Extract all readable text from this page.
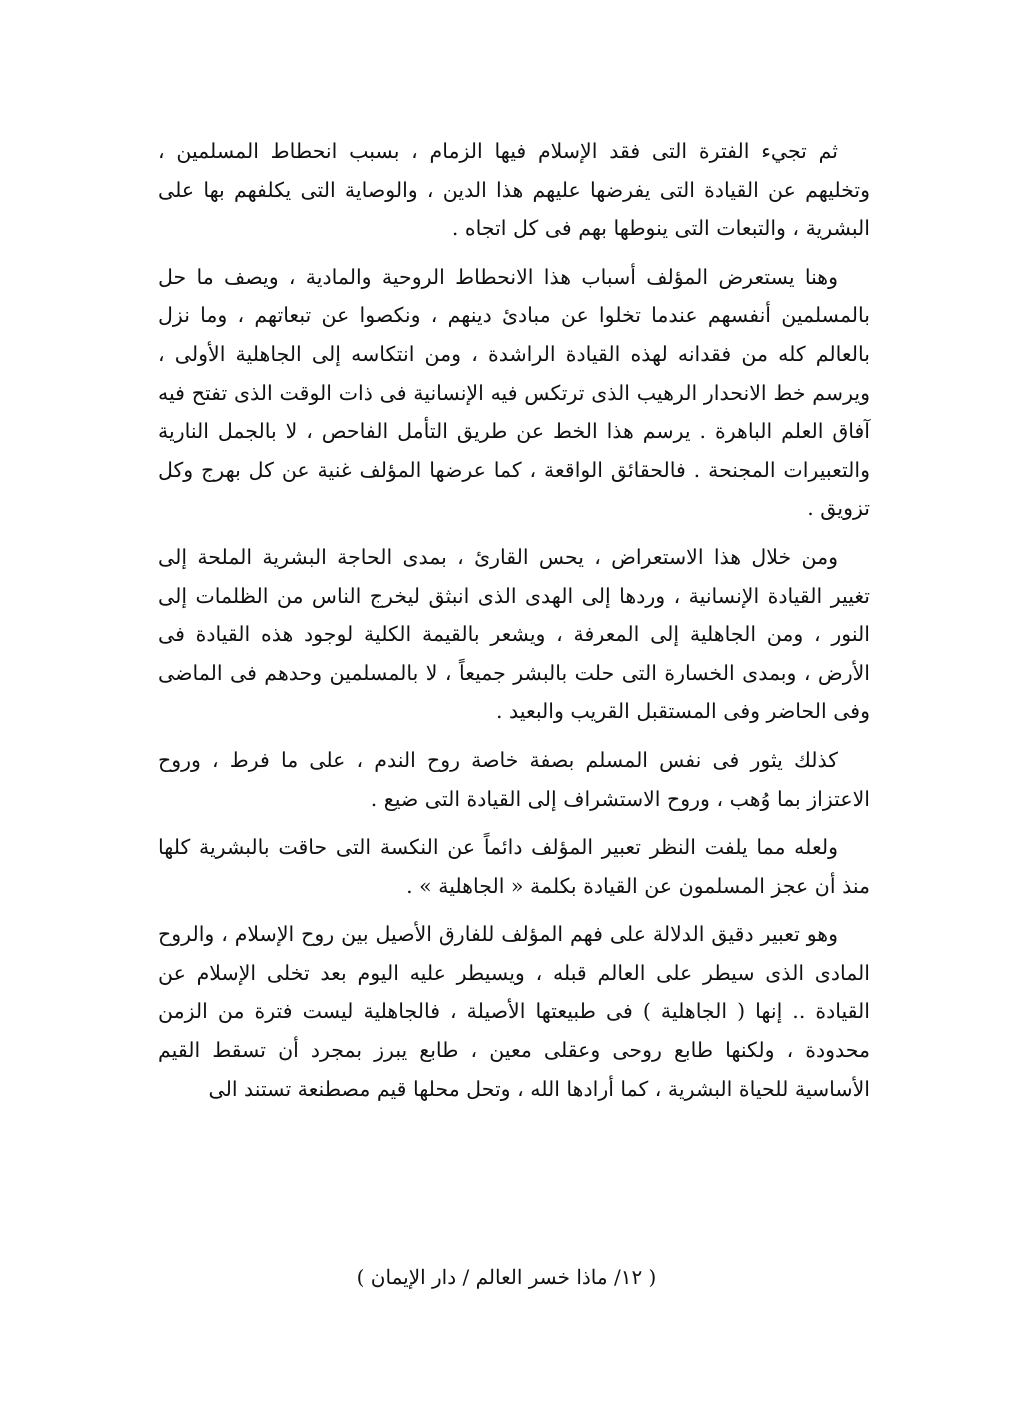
ثم تجيء الفترة التى فقد الإسلام فيها الزمام ، بسبب انحطاط المسلمين ، وتخليهم عن القيادة التى يفرضها عليهم هذا الدين ، والوصاية التى يكلفهم بها على البشرية ، والتبعات التى ينوطها بهم فى كل اتجاه .

وهنا يستعرض المؤلف أسباب هذا الانحطاط الروحية والمادية ، ويصف ما حل بالمسلمين أنفسهم عندما تخلوا عن مبادئ دينهم ، ونكصوا عن تبعاتهم ، وما نزل بالعالم كله من فقدانه لهذه القيادة الراشدة ، ومن انتكاسه إلى الجاهلية الأولى ، ويرسم خط الانحدار الرهيب الذى ترتكس فيه الإنسانية فى ذات الوقت الذى تفتح فيه آفاق العلم الباهرة . يرسم هذا الخط عن طريق التأمل الفاحص ، لا بالجمل النارية والتعبيرات المجنحة . فالحقائق الواقعة ، كما عرضها المؤلف غنية عن كل بهرج وكل تزويق .

ومن خلال هذا الاستعراض ، يحس القارئ ، بمدى الحاجة البشرية الملحة إلى تغيير القيادة الإنسانية ، وردها إلى الهدى الذى انبثق ليخرج الناس من الظلمات إلى النور ، ومن الجاهلية إلى المعرفة ، ويشعر بالقيمة الكلية لوجود هذه القيادة فى الأرض ، وبمدى الخسارة التى حلت بالبشر جميعاً ، لا بالمسلمين وحدهم فى الماضى وفى الحاضر وفى المستقبل القريب والبعيد .

كذلك يثور فى نفس المسلم بصفة خاصة روح الندم ، على ما فرط ، وروح الاعتزاز بما وُهب ، وروح الاستشراف إلى القيادة التى ضيع .

ولعله مما يلفت النظر تعبير المؤلف دائماً عن النكسة التى حاقت بالبشرية كلها منذ أن عجز المسلمون عن القيادة بكلمة « الجاهلية » .

وهو تعبير دقيق الدلالة على فهم المؤلف للفارق الأصيل بين روح الإسلام ، والروح المادى الذى سيطر على العالم قبله ، ويسيطر عليه اليوم بعد تخلى الإسلام عن القيادة .. إنها ( الجاهلية ) فى طبيعتها الأصيلة ، فالجاهلية ليست فترة من الزمن محدودة ، ولكنها طابع روحى وعقلى معين ، طابع يبرز بمجرد أن تسقط القيم الأساسية للحياة البشرية ، كما أرادها الله ، وتحل محلها قيم مصطنعة تستند الى

( ١٢/ ماذا خسر العالم / دار الإيمان )
